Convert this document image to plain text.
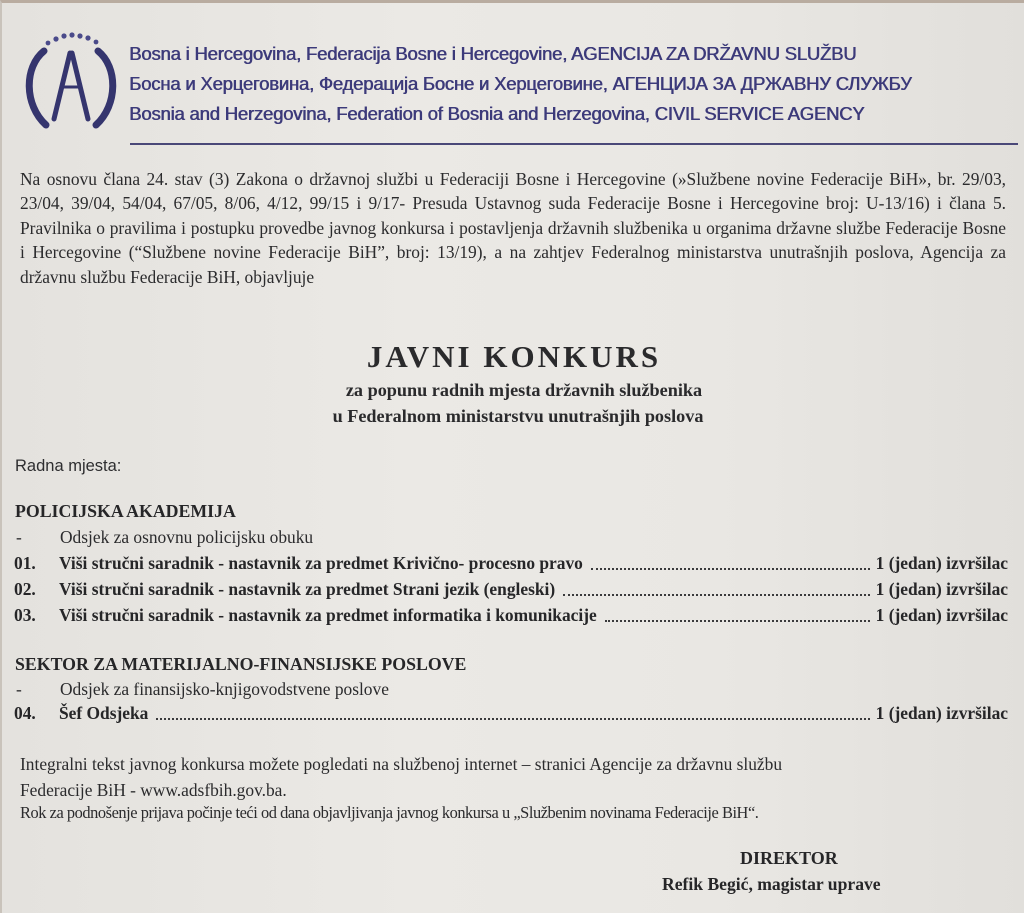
Bosna i Hercegovina, Federacija Bosne i Hercegovine, AGENCIJA ZA DRŽAVNU SLUŽBU
Босна и Херцеговина, Федерација Босне и Херцеговине, АГЕНЦИЈА ЗА ДРЖАВНУ СЛУЖБУ
Bosnia and Herzegovina, Federation of Bosnia and Herzegovina, CIVIL SERVICE AGENCY
Na osnovu člana 24. stav (3) Zakona o državnoj službi u Federaciji Bosne i Hercegovine (»Službene novine Federacije BiH», br. 29/03, 23/04, 39/04, 54/04, 67/05, 8/06, 4/12, 99/15 i 9/17- Presuda Ustavnog suda Federacije Bosne i Hercegovine broj: U-13/16) i člana 5. Pravilnika o pravilima i postupku provedbe javnog konkursa i postavljenja državnih službenika u organima državne službe Federacije Bosne i Hercegovine (“Službene novine Federacije BiH”, broj: 13/19), a na zahtjev Federalnog ministarstva unutrašnjih poslova, Agencija za državnu službu Federacije BiH, objavljuje
JAVNI KONKURS
za popunu radnih mjesta državnih službenika
u Federalnom ministarstvu unutrašnjih poslova
Radna mjesta:
POLICIJSKA AKADEMIJA
- Odsjek za osnovnu policijsku obuku
01.	Viši stručni saradnik - nastavnik za predmet Krivično- procesno pravo	1 (jedan) izvršilac
02.	Viši stručni saradnik - nastavnik za predmet Strani jezik (engleski)	1 (jedan) izvršilac
03.	Viši stručni saradnik - nastavnik za predmet informatika i komunikacije	1 (jedan) izvršilac
SEKTOR ZA MATERIJALNO-FINANSIJSKE POSLOVE
- Odsjek za finansijsko-knjigovodstvene poslove
04.	Šef Odsjeka	1 (jedan) izvršilac
Integralni tekst javnog konkursa možete pogledati na službenoj internet – stranici Agencije za državnu službu
Federacije BiH - www.adsfbih.gov.ba.
Rok za podnošenje prijava počinje teći od dana objavljivanja javnog konkursa u „Službenim novinama Federacije BiH“.
DIREKTOR
Refik Begić, magistar uprave
